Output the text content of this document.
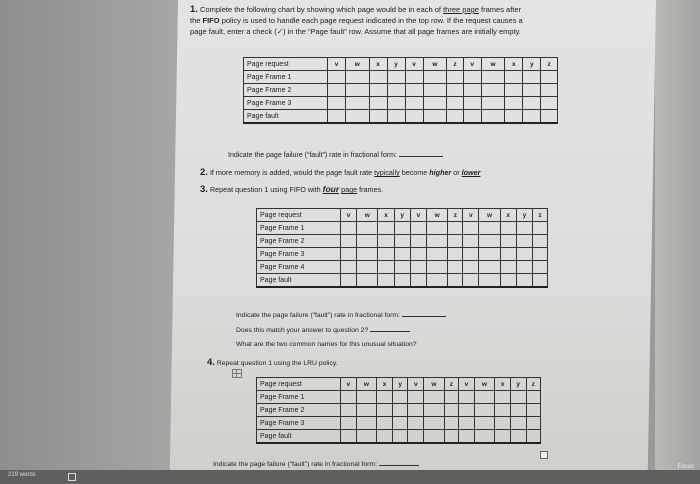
1. Complete the following chart by showing which page would be in each of three page frames after
the FIFO policy is used to handle each page request indicated in the top row. If the request causes a
page fault, enter a check (✓) in the “Page fault” row. Assume that all page frames are initially empty.
Page request	v	w	x	y	v	w	z	v	w	x	y	z
Page Frame 1												
Page Frame 2												
Page Frame 3												
Page fault												
Indicate the page failure (“fault”) rate in fractional form:
2. If more memory is added, would the page fault rate typically become higher or lower
3. Repeat question 1 using FIFO with four page frames.
Page request	v	w	x	y	v	w	z	v	w	x	y	z
Page Frame 1												
Page Frame 2												
Page Frame 3												
Page Frame 4												
Page fault												
Indicate the page failure (“fault”) rate in fractional form:
Does this match your answer to question 2?
What are the two common names for this unusual situation?
4. Repeat question 1 using the LRU policy.
Page request	v	w	x	y	v	w	z	v	w	x	y	z
Page Frame 1												
Page Frame 2												
Page Frame 3												
Page fault												
Indicate the page failure (“fault”) rate in fractional form:
219 words
Focus
